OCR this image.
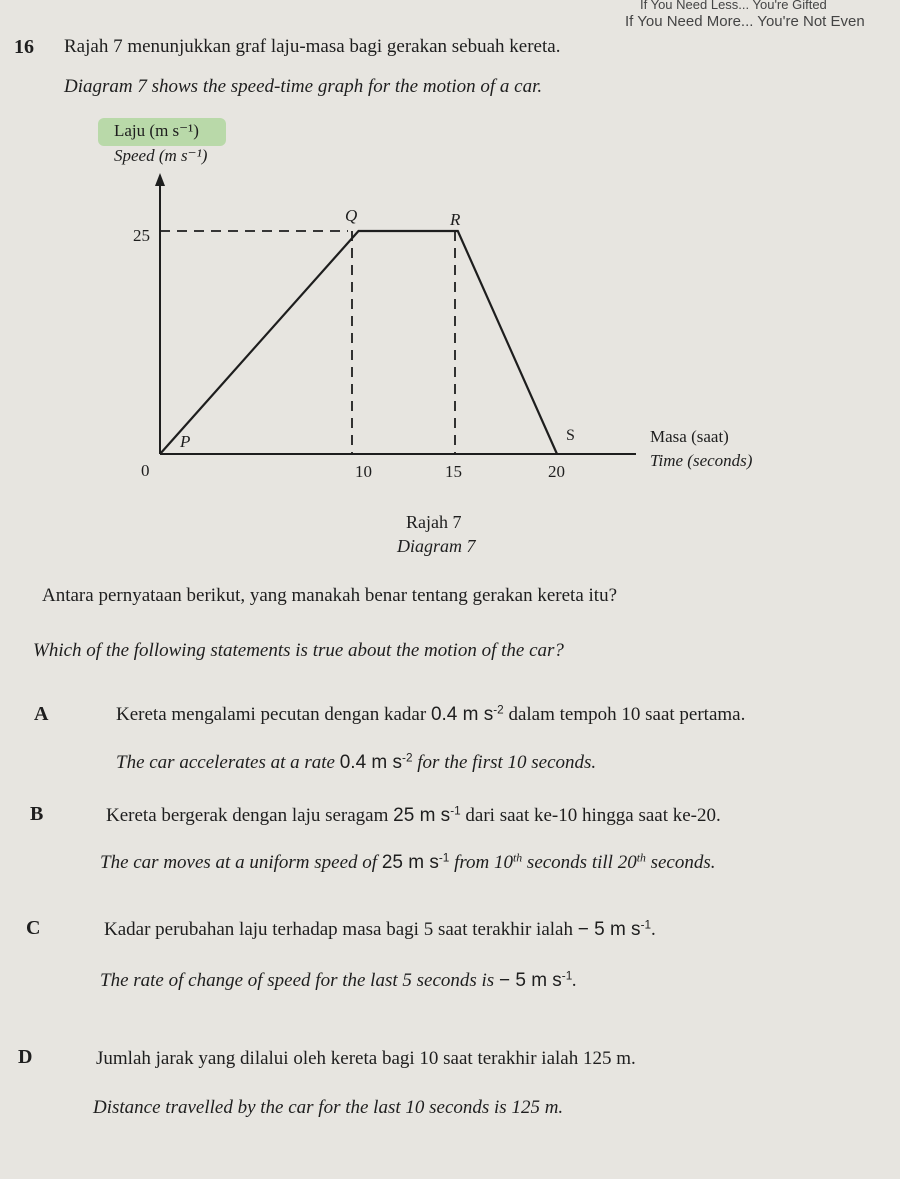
If You Need Less... You're Gifted
If You Need More... You're Not Even
16 Rajah 7 menunjukkan graf laju-masa bagi gerakan sebuah kereta.
Diagram 7 shows the speed-time graph for the motion of a car.
Laju (m s⁻¹)
Speed (m s⁻¹)
25
0	10	15	20
P
Q	R
S	Masa (saat)
Time (seconds)
Rajah 7
Diagram 7
Antara pernyataan berikut, yang manakah benar tentang gerakan kereta itu?
Which of the following statements is true about the motion of the car?
A	Kereta mengalami pecutan dengan kadar 0.4 m $s^{-2}$ dalam tempoh 10 saat pertama.
The car accelerates at a rate 0.4 m $s^{-2}$ for the first 10 seconds.
B	Kereta bergerak dengan laju seragam 25 m $s^{-1}$ dari saat ke-10 hingga saat ke-20.
The car moves at a uniform speed of 25 m $s^{-1}$ from 10th seconds till 20th seconds.
C	Kadar perubahan laju terhadap masa bagi 5 saat terakhir ialah − 5 m $s^{-1}$.
The rate of change of speed for the last 5 seconds is − 5 m $s^{-1}$.
D	Jumlah jarak yang dilalui oleh kereta bagi 10 saat terakhir ialah 125 m.
Distance travelled by the car for the last 10 seconds is 125 m.
